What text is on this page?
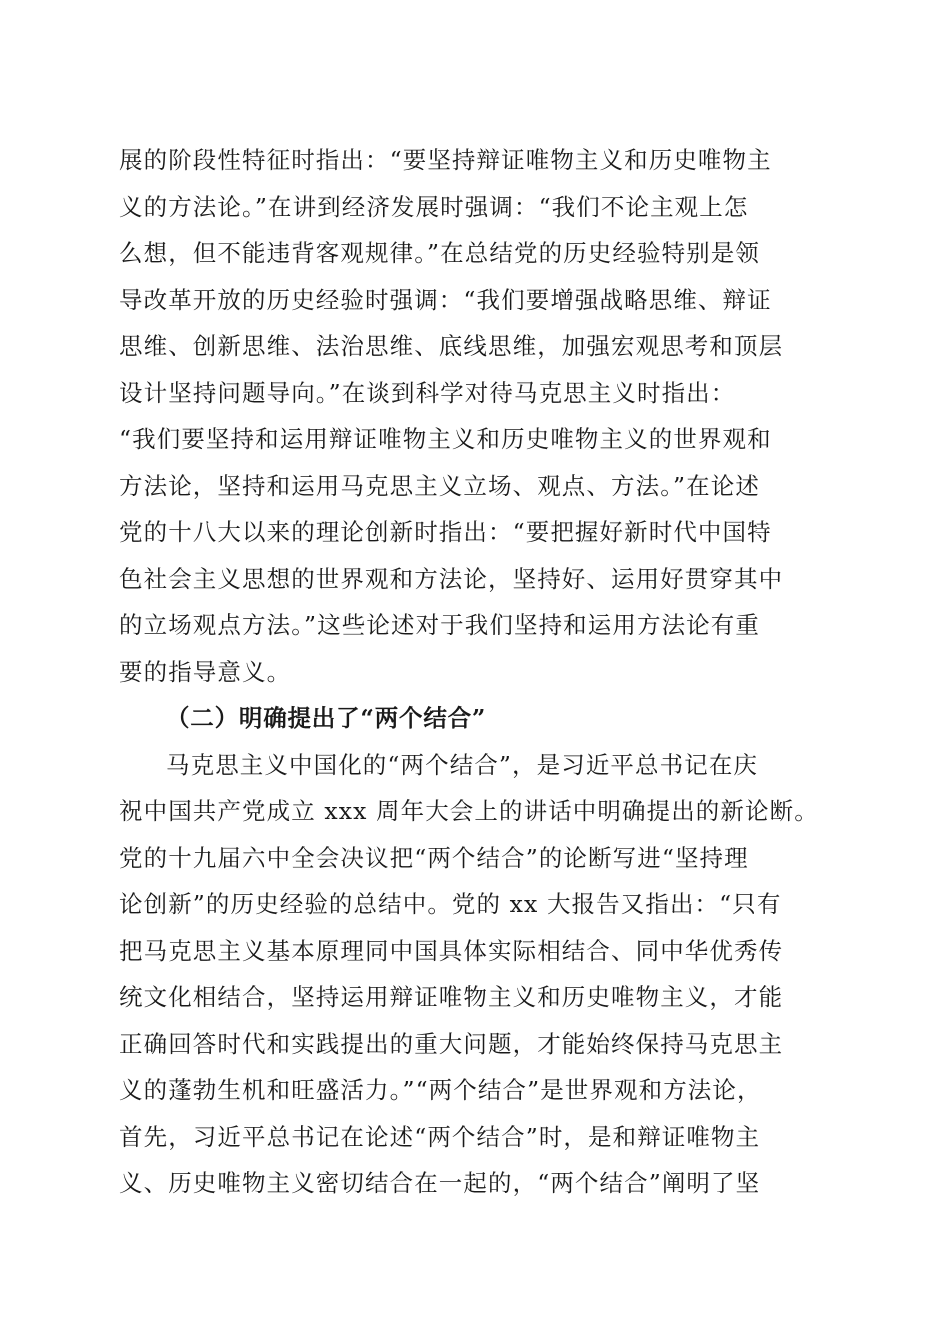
展的阶段性特征时指出：“要坚持辩证唯物主义和历史唯物主
义的方法论。”在讲到经济发展时强调：“我们不论主观上怎
么想，但不能违背客观规律。”在总结党的历史经验特别是领
导改革开放的历史经验时强调：“我们要增强战略思维、辩证
思维、创新思维、法治思维、底线思维，加强宏观思考和顶层
设计坚持问题导向。”在谈到科学对待马克思主义时指出：
“我们要坚持和运用辩证唯物主义和历史唯物主义的世界观和
方法论，坚持和运用马克思主义立场、观点、方法。”在论述
党的十八大以来的理论创新时指出：“要把握好新时代中国特
色社会主义思想的世界观和方法论，坚持好、运用好贯穿其中
的立场观点方法。”这些论述对于我们坚持和运用方法论有重
要的指导意义。
（二）明确提出了“两个结合”
马克思主义中国化的“两个结合”，是习近平总书记在庆
祝中国共产党成立 xxx 周年大会上的讲话中明确提出的新论断。
党的十九届六中全会决议把“两个结合”的论断写进“坚持理
论创新”的历史经验的总结中。党的 xx 大报告又指出：“只有
把马克思主义基本原理同中国具体实际相结合、同中华优秀传
统文化相结合，坚持运用辩证唯物主义和历史唯物主义，才能
正确回答时代和实践提出的重大问题，才能始终保持马克思主
义的蓬勃生机和旺盛活力。”“两个结合”是世界观和方法论，
首先，习近平总书记在论述“两个结合”时，是和辩证唯物主
义、历史唯物主义密切结合在一起的，“两个结合”阐明了坚
